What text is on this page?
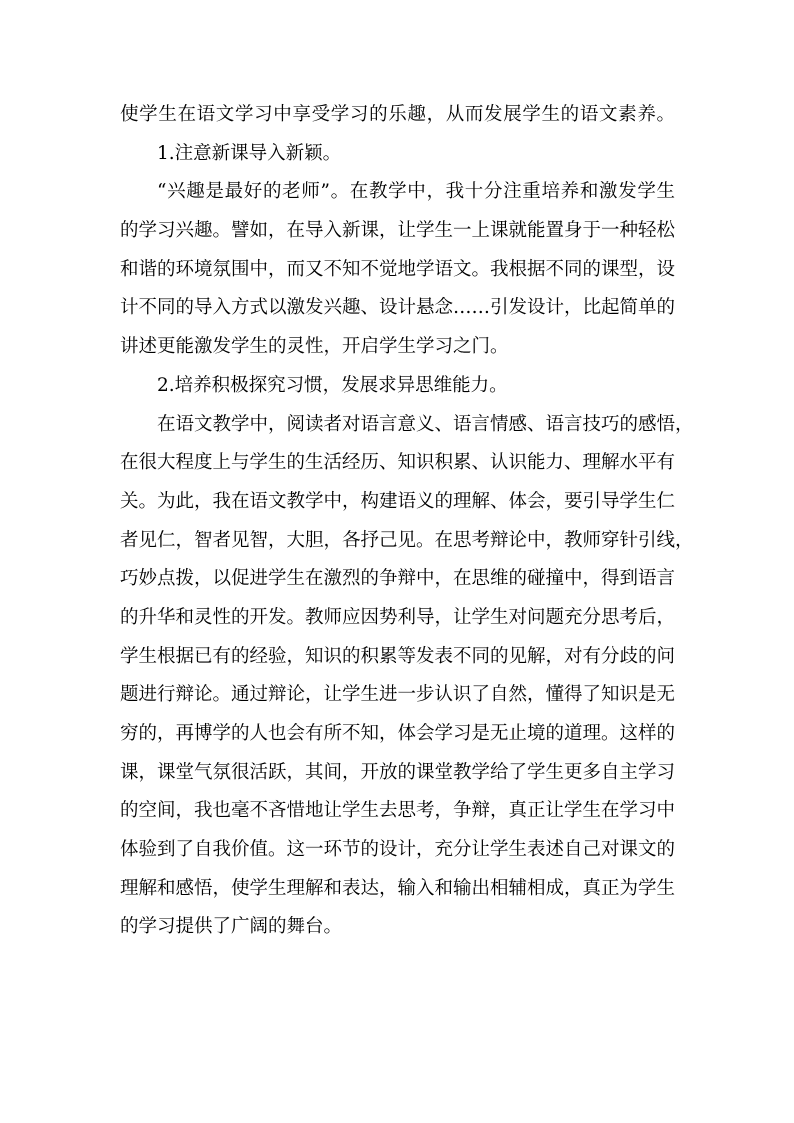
使学生在语文学习中享受学习的乐趣，从而发展学生的语文素养。
1.注意新课导入新颖。
“兴趣是最好的老师”。在教学中，我十分注重培养和激发学生
的学习兴趣。譬如，在导入新课，让学生一上课就能置身于一种轻松
和谐的环境氛围中，而又不知不觉地学语文。我根据不同的课型，设
计不同的导入方式以激发兴趣、设计悬念……引发设计，比起简单的
讲述更能激发学生的灵性，开启学生学习之门。
2.培养积极探究习惯，发展求异思维能力。
在语文教学中，阅读者对语言意义、语言情感、语言技巧的感悟，
在很大程度上与学生的生活经历、知识积累、认识能力、理解水平有
关。为此，我在语文教学中，构建语义的理解、体会，要引导学生仁
者见仁，智者见智，大胆，各抒己见。在思考辩论中，教师穿针引线，
巧妙点拨，以促进学生在激烈的争辩中，在思维的碰撞中，得到语言
的升华和灵性的开发。教师应因势利导，让学生对问题充分思考后，
学生根据已有的经验，知识的积累等发表不同的见解，对有分歧的问
题进行辩论。通过辩论，让学生进一步认识了自然，懂得了知识是无
穷的，再博学的人也会有所不知，体会学习是无止境的道理。这样的
课，课堂气氛很活跃，其间，开放的课堂教学给了学生更多自主学习
的空间，我也毫不吝惜地让学生去思考，争辩，真正让学生在学习中
体验到了自我价值。这一环节的设计，充分让学生表述自己对课文的
理解和感悟，使学生理解和表达，输入和输出相辅相成，真正为学生
的学习提供了广阔的舞台。
